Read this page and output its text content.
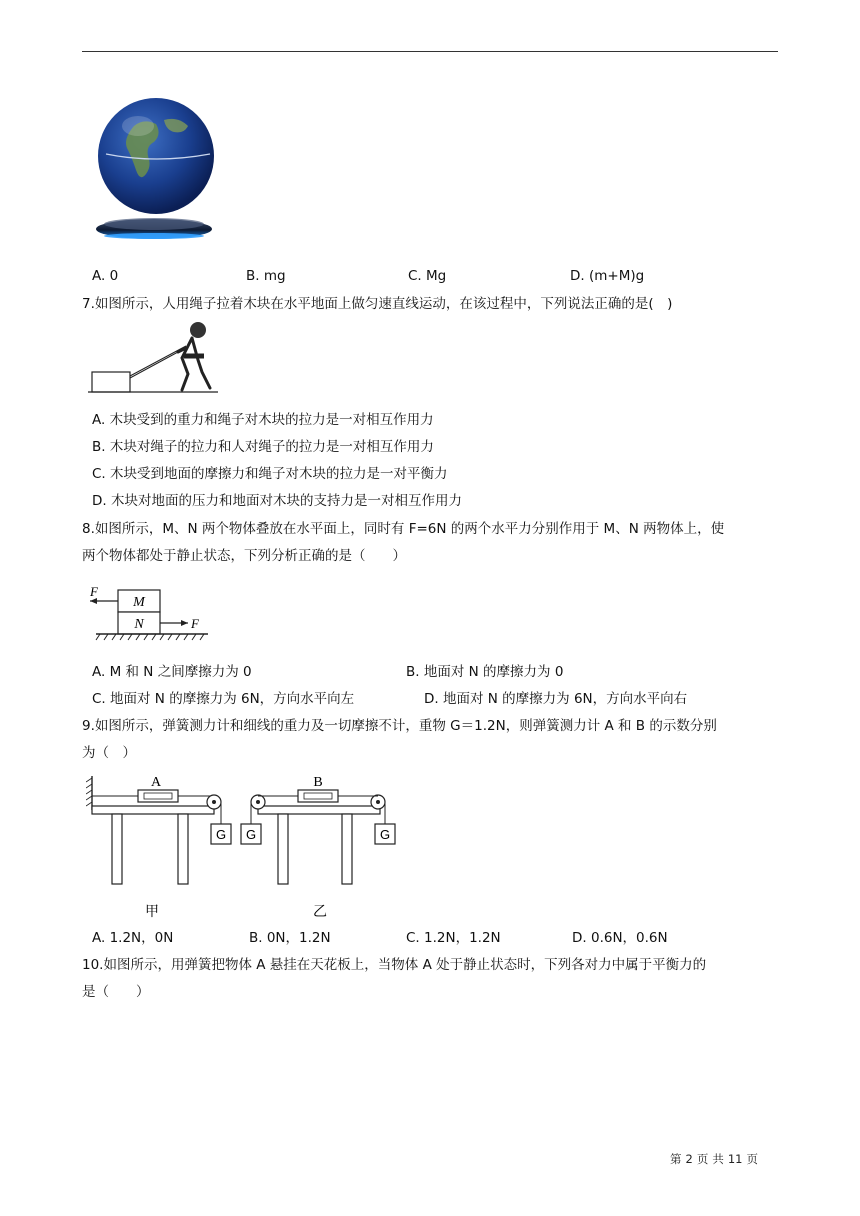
A. 0	B. mg	C. Mg	D. (m+M)g
7.如图所示，人用绳子拉着木块在水平地面上做匀速直线运动，在该过程中，下列说法正确的是(　)
A. 木块受到的重力和绳子对木块的拉力是一对相互作用力
B. 木块对绳子的拉力和人对绳子的拉力是一对相互作用力
C. 木块受到地面的摩擦力和绳子对木块的拉力是一对平衡力
D. 木块对地面的压力和地面对木块的支持力是一对相互作用力
8.如图所示，M、N 两个物体叠放在水平面上，同时有 F=6N 的两个水平力分别作用于 M、N 两物体上，使
两个物体都处于静止状态，下列分析正确的是（　　）
M
N
F
F
A. M 和 N 之间摩擦力为 0	B. 地面对 N 的摩擦力为 0
C. 地面对 N 的摩擦力为 6N，方向水平向左	D. 地面对 N 的摩擦力为 6N，方向水平向右
9.如图所示，弹簧测力计和细线的重力及一切摩擦不计，重物 G＝1.2N，则弹簧测力计 A 和 B 的示数分别
为（　）
G
A
甲
G	G
B
乙
A. 1.2N，0N	B. 0N，1.2N	C. 1.2N，1.2N	D. 0.6N，0.6N
10.如图所示，用弹簧把物体 A 悬挂在天花板上，当物体 A 处于静止状态时，下列各对力中属于平衡力的
是（　　）
第 2 页 共 11 页
